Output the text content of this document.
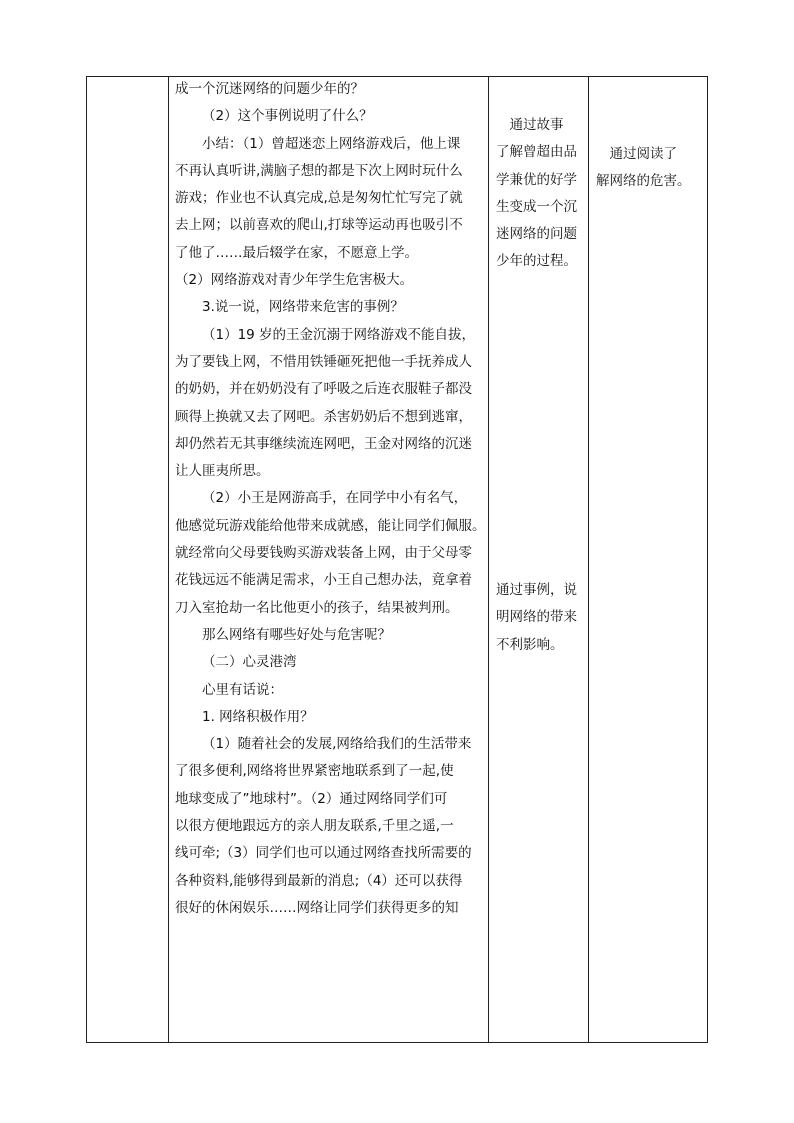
成一个沉迷网络的问题少年的？
（2）这个事例说明了什么？
小结：（1）曾超迷恋上网络游戏后，他上课
不再认真听讲,满脑子想的都是下次上网时玩什么
游戏；作业也不认真完成,总是匆匆忙忙写完了就
去上网；以前喜欢的爬山,打球等运动再也吸引不
了他了……最后辍学在家，不愿意上学。
（2）网络游戏对青少年学生危害极大。
3.说一说，网络带来危害的事例？
（1）19 岁的王金沉溺于网络游戏不能自拔，
为了要钱上网，不惜用铁锤砸死把他一手抚养成人
的奶奶，并在奶奶没有了呼吸之后连衣服鞋子都没
顾得上换就又去了网吧。杀害奶奶后不想到逃窜，
却仍然若无其事继续流连网吧，王金对网络的沉迷
让人匪夷所思。
（2）小王是网游高手，在同学中小有名气，
他感觉玩游戏能给他带来成就感，能让同学们佩服。
就经常向父母要钱购买游戏装备上网，由于父母零
花钱远远不能满足需求，小王自己想办法，竟拿着
刀入室抢劫一名比他更小的孩子，结果被判刑。
那么网络有哪些好处与危害呢？
（二）心灵港湾
心里有话说：
1. 网络积极作用？
（1）随着社会的发展,网络给我们的生活带来
了很多便利,网络将世界紧密地联系到了一起,使
地球变成了”地球村”。（2）通过网络同学们可
以很方便地跟远方的亲人朋友联系,千里之遥,一
线可牵;（3）同学们也可以通过网络查找所需要的
各种资料,能够得到最新的消息;（4）还可以获得
很好的休闲娱乐……网络让同学们获得更多的知
　通过故事
了解曾超由品
学兼优的好学
生变成一个沉
迷网络的问题
少年的过程。
通过事例，说
明网络的带来
不利影响。
　通过阅读了
解网络的危害。
